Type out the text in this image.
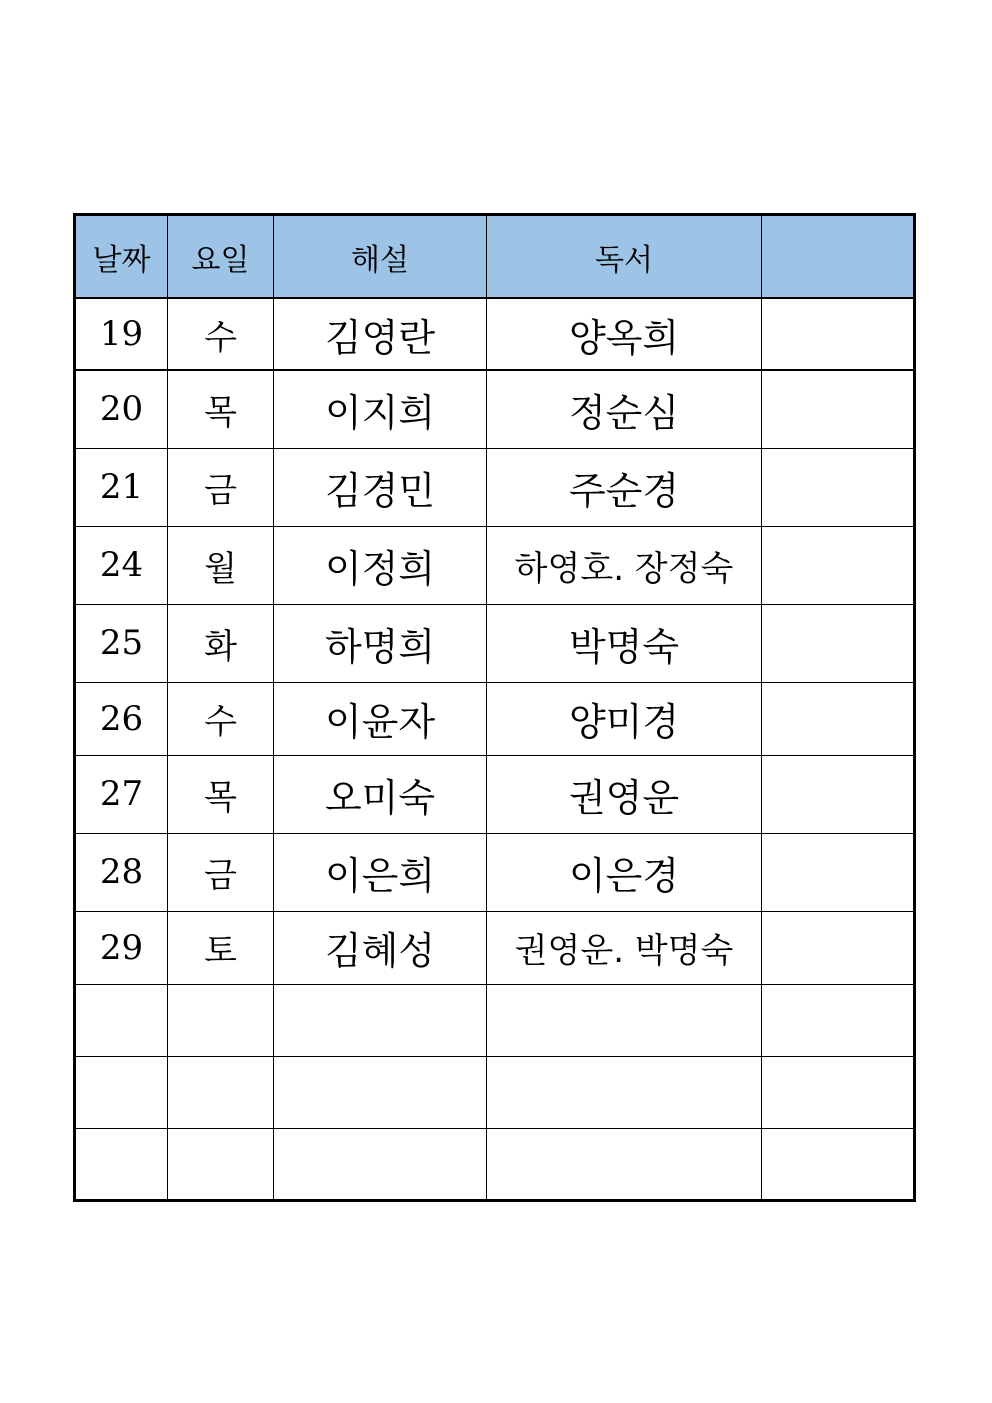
날짜	요일	해설	독서	
19	수	김영란	양옥희	
20	목	이지희	정순심	
21	금	김경민	주순경	
24	월	이정희	하영호. 장정숙	
25	화	하명희	박명숙	
26	수	이윤자	양미경	
27	목	오미숙	권영운	
28	금	이은희	이은경	
29	토	김혜성	권영운. 박명숙	
